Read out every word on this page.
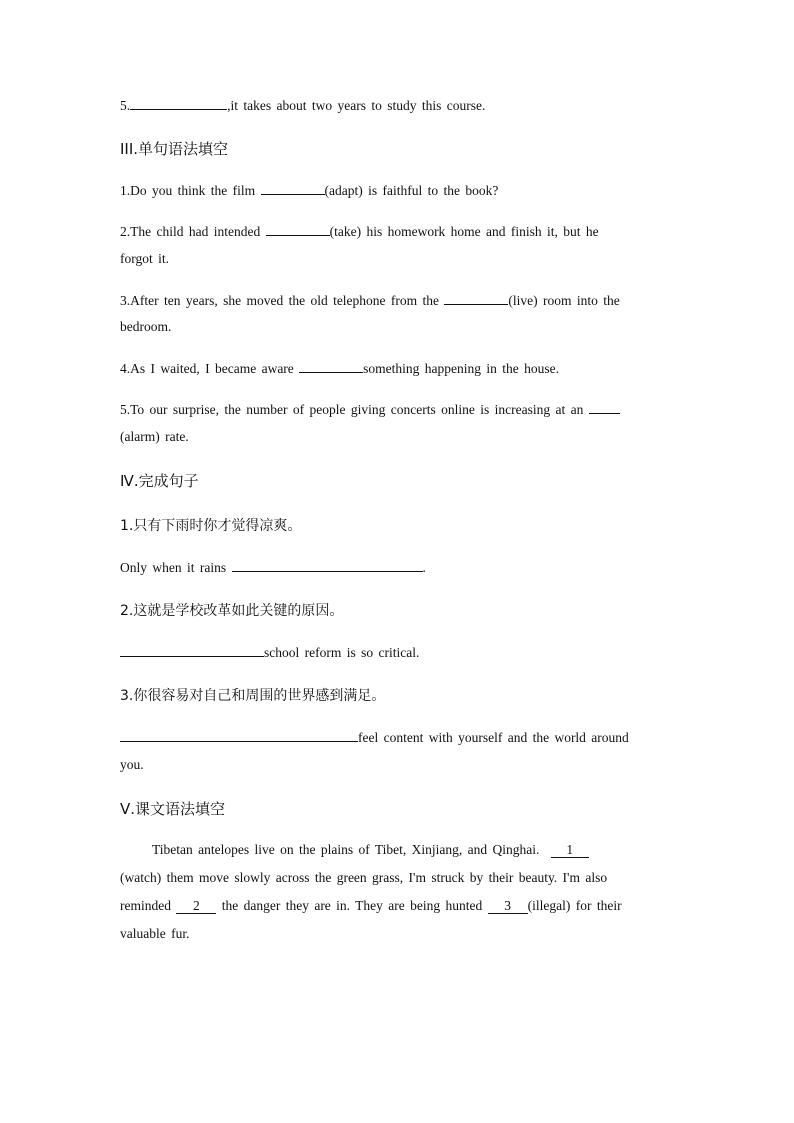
5.	,it takes about two years to study this course.
III.单句语法填空
1.Do you think the film	(adapt) is faithful to the book?
2.The child had intended	(take) his homework home and finish it, but he
forgot it.
3.After ten years, she moved the old telephone from the	(live) room into the
bedroom.
4.As I waited, I became aware	something happening in the house.
5.To our surprise, the number of people giving concerts online is increasing at an
(alarm) rate.
Ⅳ.完成句子
1.只有下雨时你才觉得凉爽。
Only when it rains	.
2.这就是学校改革如此关键的原因。
school reform is so critical.
3.你很容易对自己和周围的世界感到满足。
feel content with yourself and the world around
you.
Ⅴ.课文语法填空
Tibetan antelopes live on the plains of Tibet, Xinjiang, and Qinghai. 1
(watch) them move slowly across the green grass, I'm struck by their beauty. I'm also
reminded 2 the danger they are in. They are being hunted 3 (illegal) for their
valuable fur.
